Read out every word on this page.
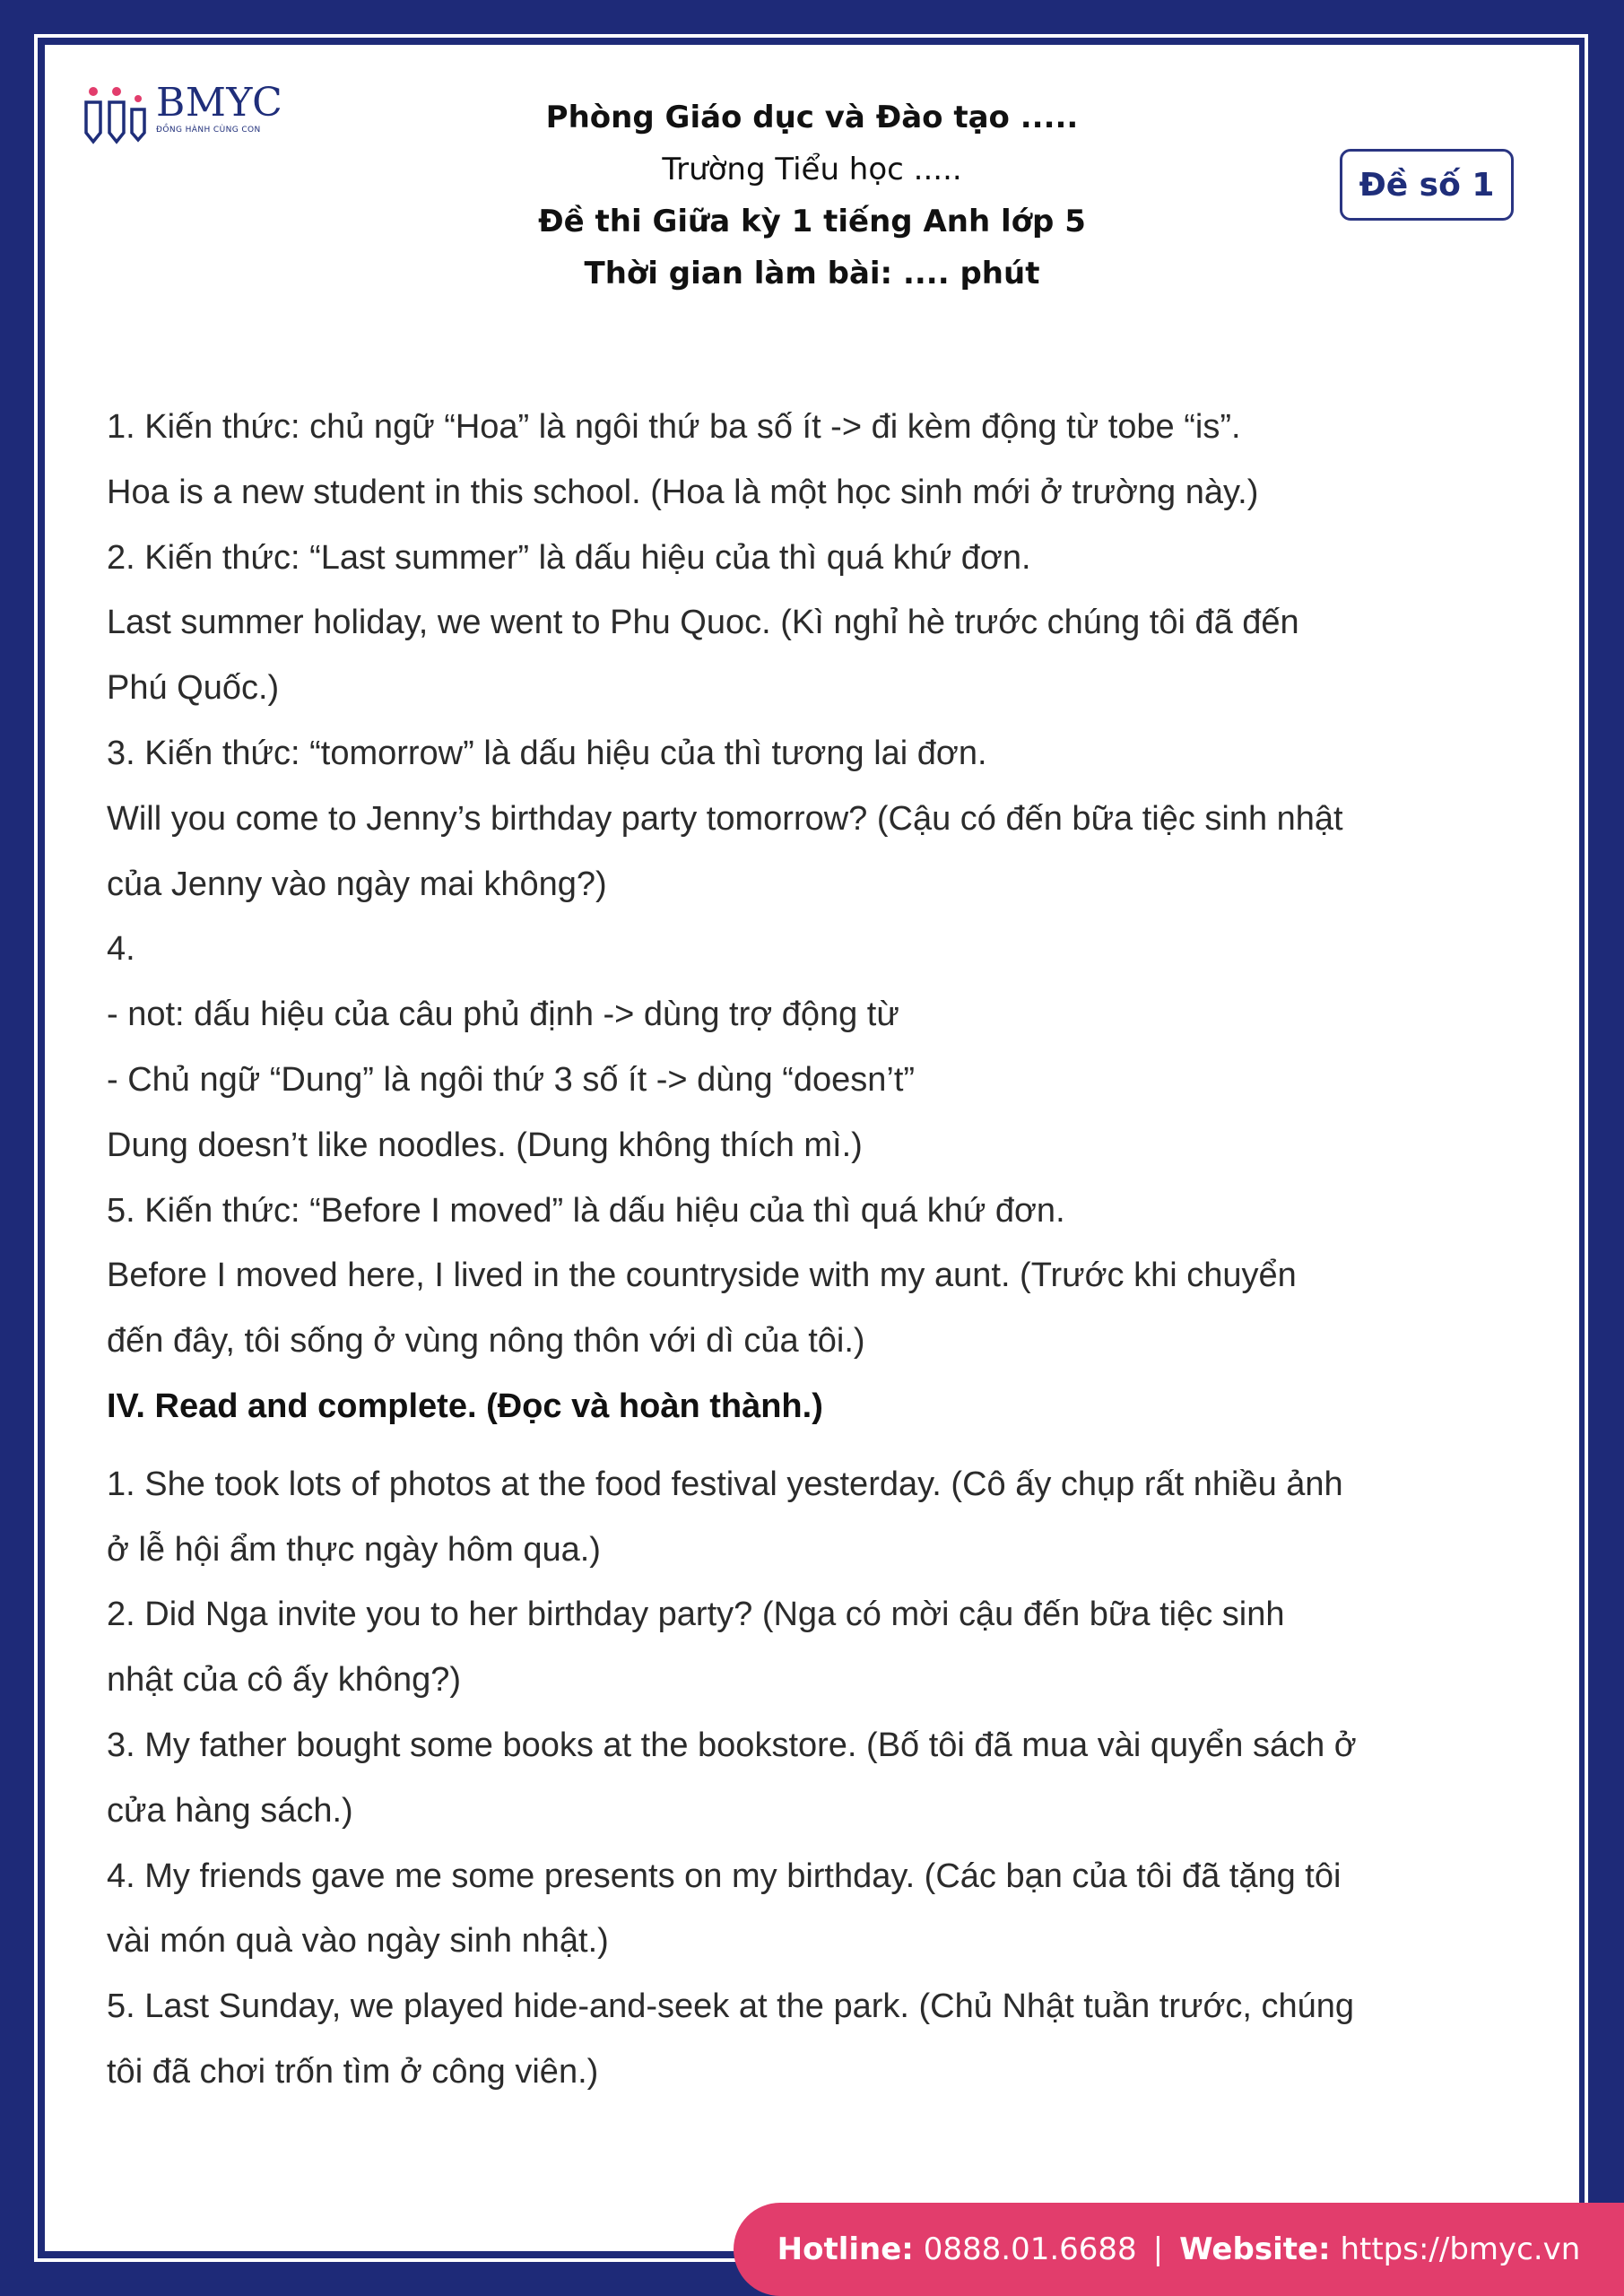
BMYC
ĐỒNG HÀNH CÙNG CON	Phòng Giáo dục và Đào tạo .....
Trường Tiểu học .....
Đề thi Giữa kỳ 1 tiếng Anh lớp 5
Thời gian làm bài: .... phút
Đề số 1
1. Kiến thức: chủ ngữ “Hoa” là ngôi thứ ba số ít -> đi kèm động từ tobe “is”.
Hoa is a new student in this school. (Hoa là một học sinh mới ở trường này.)
2. Kiến thức: “Last summer” là dấu hiệu của thì quá khứ đơn.
Last summer holiday, we went to Phu Quoc. (Kì nghỉ hè trước chúng tôi đã đến
Phú Quốc.)
3. Kiến thức: “tomorrow” là dấu hiệu của thì tương lai đơn.
Will you come to Jenny’s birthday party tomorrow? (Cậu có đến bữa tiệc sinh nhật
của Jenny vào ngày mai không?)
4.
- not: dấu hiệu của câu phủ định -> dùng trợ động từ
- Chủ ngữ “Dung” là ngôi thứ 3 số ít -> dùng “doesn’t”
Dung doesn’t like noodles. (Dung không thích mì.)
5. Kiến thức: “Before I moved” là dấu hiệu của thì quá khứ đơn.
Before I moved here, I lived in the countryside with my aunt. (Trước khi chuyển
đến đây, tôi sống ở vùng nông thôn với dì của tôi.)
IV. Read and complete. (Đọc và hoàn thành.)
1. She took lots of photos at the food festival yesterday. (Cô ấy chụp rất nhiều ảnh
ở lễ hội ẩm thực ngày hôm qua.)
2. Did Nga invite you to her birthday party? (Nga có mời cậu đến bữa tiệc sinh
nhật của cô ấy không?)
3. My father bought some books at the bookstore. (Bố tôi đã mua vài quyển sách ở
cửa hàng sách.)
4. My friends gave me some presents on my birthday. (Các bạn của tôi đã tặng tôi
vài món quà vào ngày sinh nhật.)
5. Last Sunday, we played hide-and-seek at the park. (Chủ Nhật tuần trước, chúng
tôi đã chơi trốn tìm ở công viên.)
Hotline:
0888.01.6688 | Website:
https://bmyc.vn
